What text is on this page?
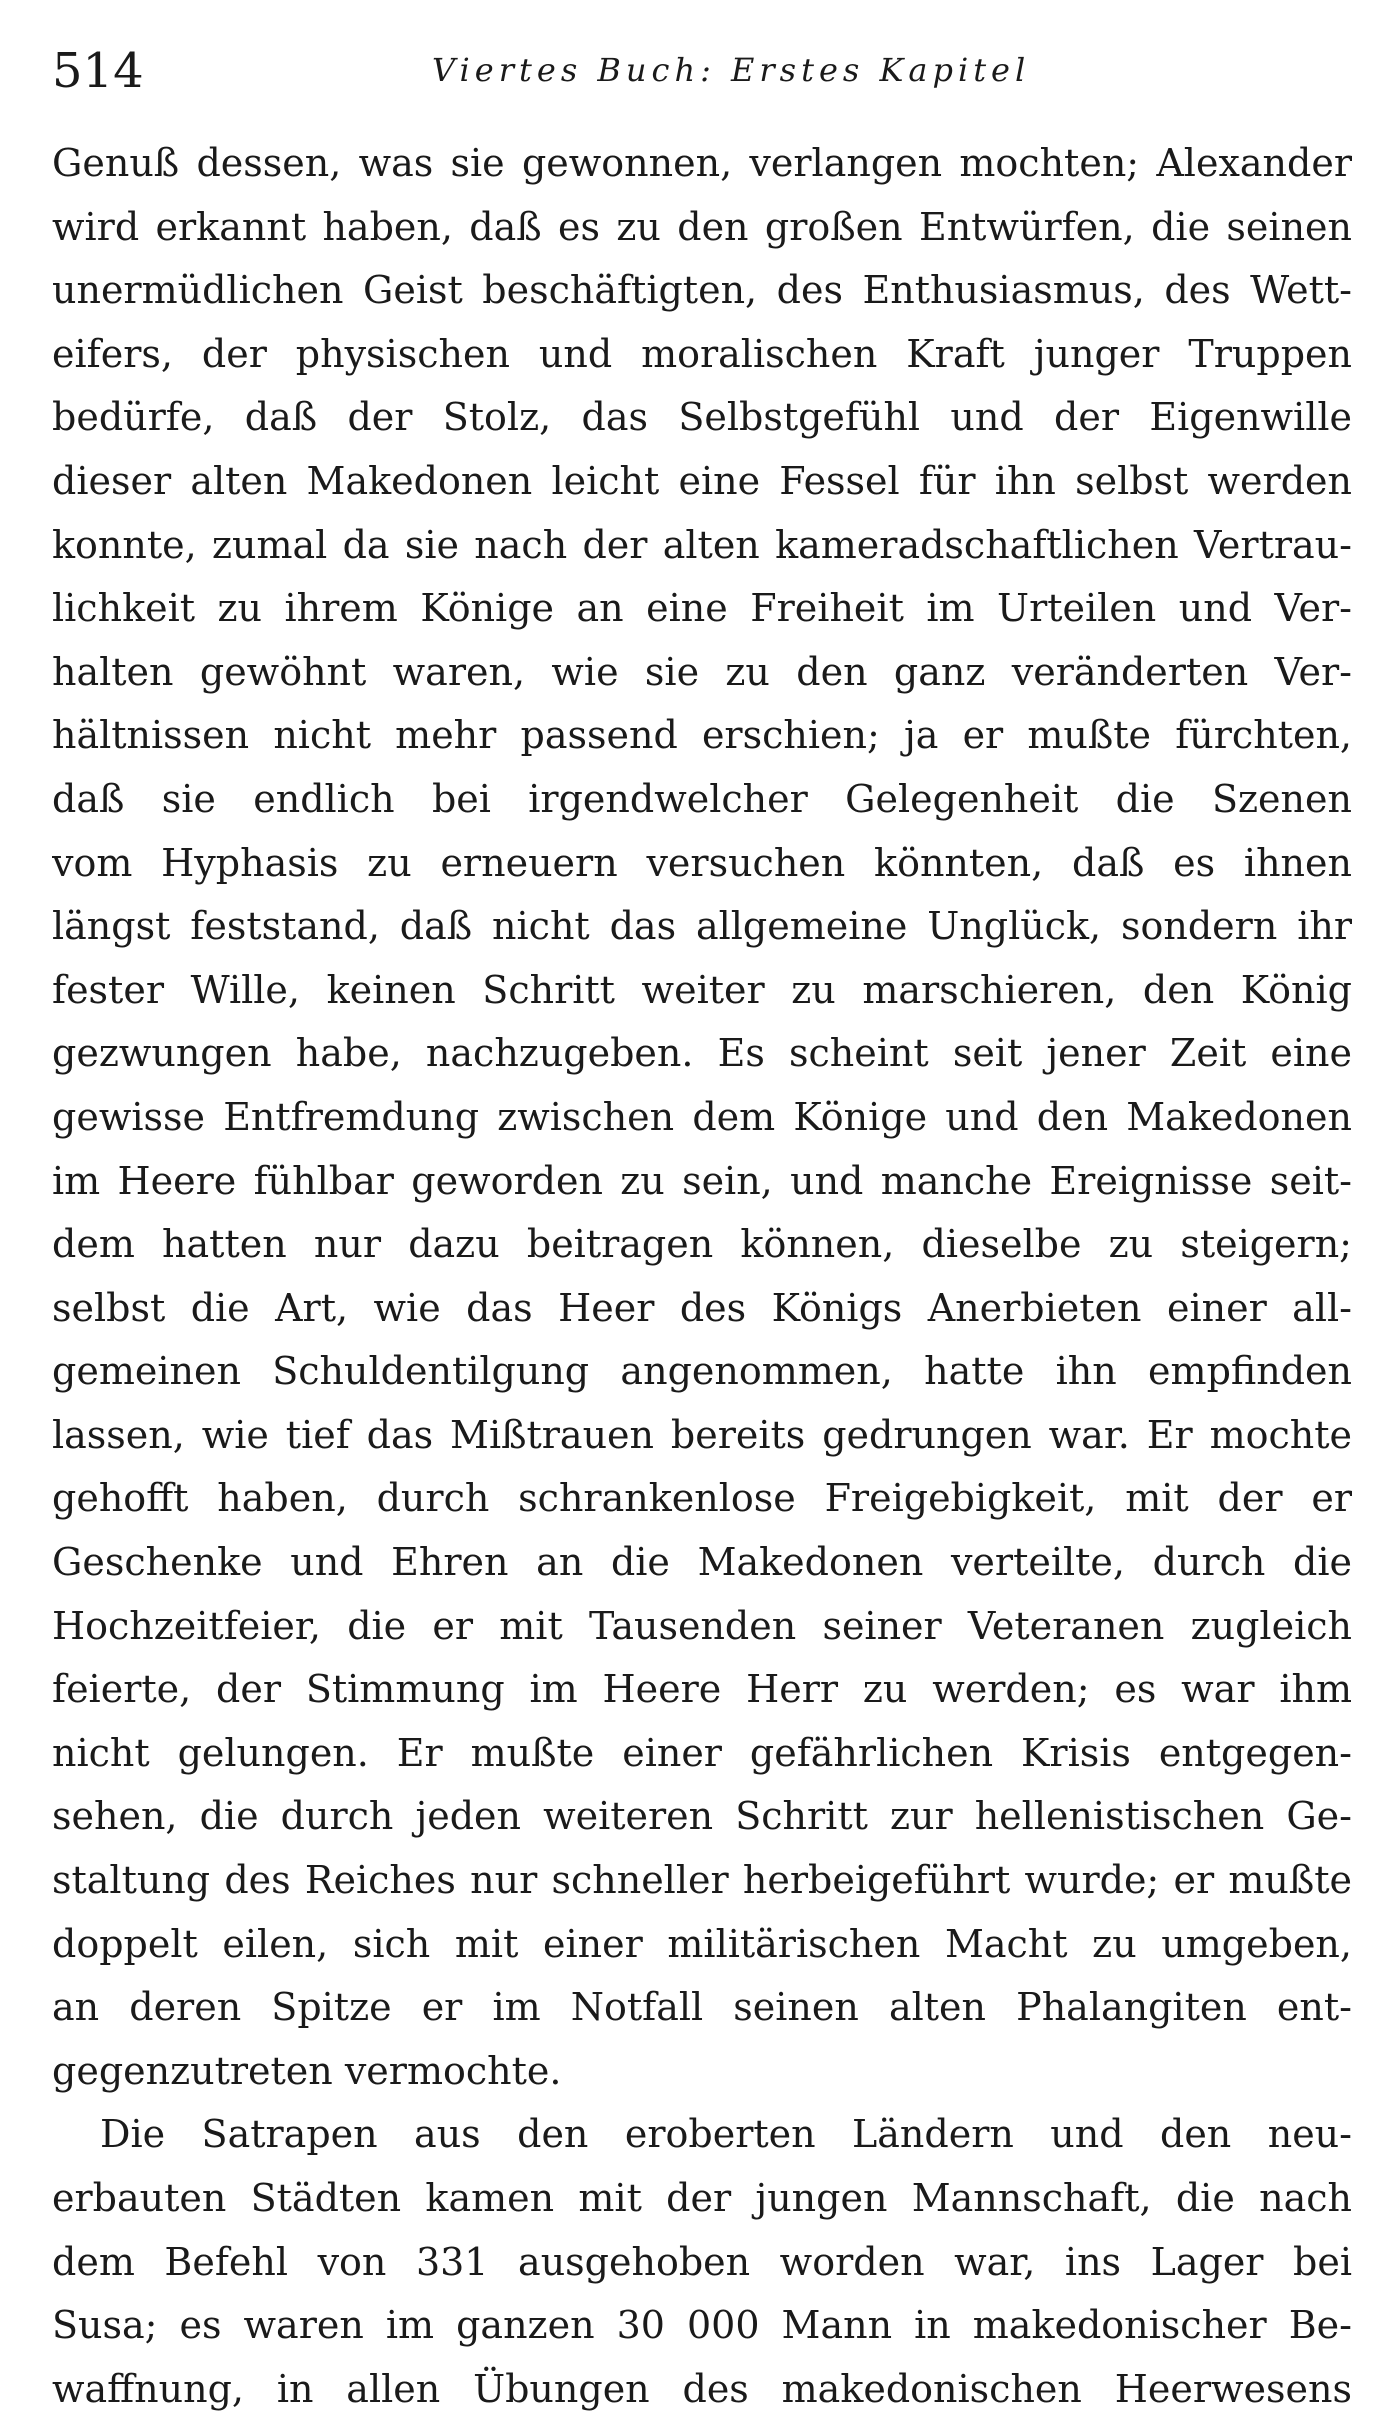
514	Viertes Buch: Erstes Kapitel
Genuß dessen, was sie gewonnen, verlangen mochten; Alexander
wird erkannt haben, daß es zu den großen Entwürfen, die seinen
unermüdlichen Geist beschäftigten, des Enthusiasmus, des Wett-
eifers, der physischen und moralischen Kraft junger Truppen
bedürfe, daß der Stolz, das Selbstgefühl und der Eigenwille
dieser alten Makedonen leicht eine Fessel für ihn selbst werden
konnte, zumal da sie nach der alten kameradschaftlichen Vertrau-
lichkeit zu ihrem Könige an eine Freiheit im Urteilen und Ver-
halten gewöhnt waren, wie sie zu den ganz veränderten Ver-
hältnissen nicht mehr passend erschien; ja er mußte fürchten,
daß sie endlich bei irgendwelcher Gelegenheit die Szenen
vom Hyphasis zu erneuern versuchen könnten, daß es ihnen
längst feststand, daß nicht das allgemeine Unglück, sondern ihr
fester Wille, keinen Schritt weiter zu marschieren, den König
gezwungen habe, nachzugeben. Es scheint seit jener Zeit eine
gewisse Entfremdung zwischen dem Könige und den Makedonen
im Heere fühlbar geworden zu sein, und manche Ereignisse seit-
dem hatten nur dazu beitragen können, dieselbe zu steigern;
selbst die Art, wie das Heer des Königs Anerbieten einer all-
gemeinen Schuldentilgung angenommen, hatte ihn empfinden
lassen, wie tief das Mißtrauen bereits gedrungen war. Er mochte
gehofft haben, durch schrankenlose Freigebigkeit, mit der er
Geschenke und Ehren an die Makedonen verteilte, durch die
Hochzeitfeier, die er mit Tausenden seiner Veteranen zugleich
feierte, der Stimmung im Heere Herr zu werden; es war ihm
nicht gelungen. Er mußte einer gefährlichen Krisis entgegen-
sehen, die durch jeden weiteren Schritt zur hellenistischen Ge-
staltung des Reiches nur schneller herbeigeführt wurde; er mußte
doppelt eilen, sich mit einer militärischen Macht zu umgeben,
an deren Spitze er im Notfall seinen alten Phalangiten ent-
gegenzutreten vermochte.
Die Satrapen aus den eroberten Ländern und den neu-
erbauten Städten kamen mit der jungen Mannschaft, die nach
dem Befehl von 331 ausgehoben worden war, ins Lager bei
Susa; es waren im ganzen 30 000 Mann in makedonischer Be-
waffnung, in allen Übungen des makedonischen Heerwesens
